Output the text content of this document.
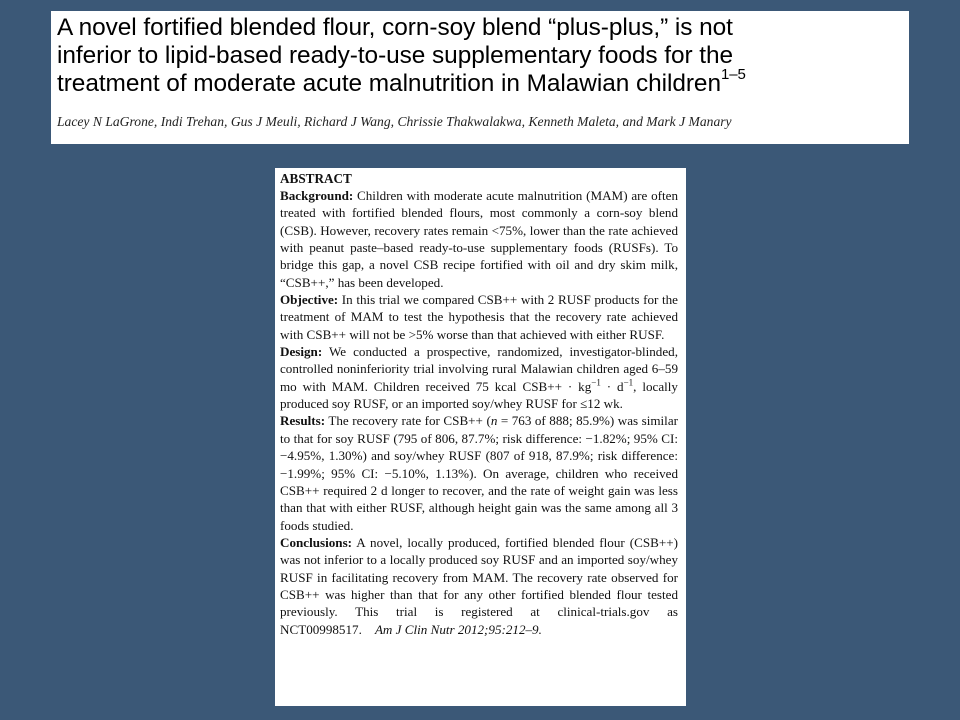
A novel fortified blended flour, corn-soy blend “plus-plus,” is not
inferior to lipid-based ready-to-use supplementary foods for the
treatment of moderate acute malnutrition in Malawian children$^{1-5}$
Lacey N LaGrone, Indi Trehan, Gus J Meuli, Richard J Wang, Chrissie Thakwalakwa, Kenneth Maleta, and Mark J Manary
ABSTRACT
Background: Children with moderate acute malnutrition (MAM) are often treated with fortified blended flours, most commonly a corn-soy blend (CSB). However, recovery rates remain <75%, lower than the rate achieved with peanut paste–based ready-to-use supplementary foods (RUSFs). To bridge this gap, a novel CSB recipe fortified with oil and dry skim milk, “CSB++,” has been developed.
Objective: In this trial we compared CSB++ with 2 RUSF products for the treatment of MAM to test the hypothesis that the recovery rate achieved with CSB++ will not be >5% worse than that achieved with either RUSF.
Design: We conducted a prospective, randomized, investigator-blinded, controlled noninferiority trial involving rural Malawian children aged 6–59 mo with MAM. Children received 75 kcal $CSB++ \cdot kg^{-1} \cdot d^{-1}$, locally produced soy RUSF, or an imported soy/whey RUSF for ≤12 wk.
Results: The recovery rate for CSB++ (n = 763 of 888; 85.9%) was similar to that for soy RUSF (795 of 806, 87.7%; risk difference: −1.82%; 95% CI: −4.95%, 1.30%) and soy/whey RUSF (807 of 918, 87.9%; risk difference: −1.99%; 95% CI: −5.10%, 1.13%). On average, children who received CSB++ required 2 d longer to recover, and the rate of weight gain was less than that with either RUSF, although height gain was the same among all 3 foods studied.
Conclusions: A novel, locally produced, fortified blended flour (CSB++) was not inferior to a locally produced soy RUSF and an imported soy/whey RUSF in facilitating recovery from MAM. The recovery rate observed for CSB++ was higher than that for any other fortified blended flour tested previously. This trial is registered at clinical-trials.gov as NCT00998517. Am J Clin Nutr 2012;95:212–9.
